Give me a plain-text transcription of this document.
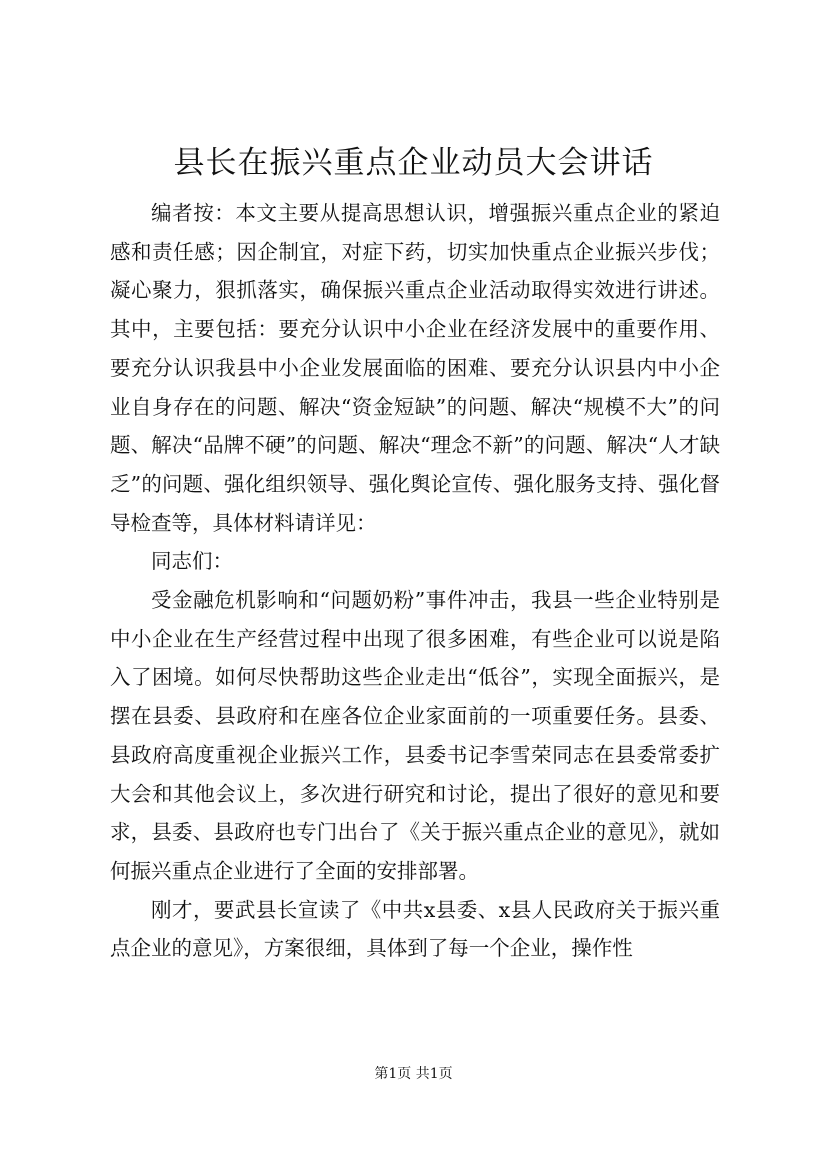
县长在振兴重点企业动员大会讲话

编者按：本文主要从提高思想认识，增强振兴重点企业的紧迫感和责任感；因企制宜，对症下药，切实加快重点企业振兴步伐；凝心聚力，狠抓落实，确保振兴重点企业活动取得实效进行讲述。其中，主要包括：要充分认识中小企业在经济发展中的重要作用、要充分认识我县中小企业发展面临的困难、要充分认识县内中小企业自身存在的问题、解决“资金短缺”的问题、解决“规模不大”的问题、解决“品牌不硬”的问题、解决“理念不新”的问题、解决“人才缺乏”的问题、强化组织领导、强化舆论宣传、强化服务支持、强化督导检查等，具体材料请详见：

同志们：

受金融危机影响和“问题奶粉”事件冲击，我县一些企业特别是中小企业在生产经营过程中出现了很多困难，有些企业可以说是陷入了困境。如何尽快帮助这些企业走出“低谷”，实现全面振兴，是摆在县委、县政府和在座各位企业家面前的一项重要任务。县委、县政府高度重视企业振兴工作，县委书记李雪荣同志在县委常委扩大会和其他会议上，多次进行研究和讨论，提出了很好的意见和要求，县委、县政府也专门出台了《关于振兴重点企业的意见》，就如何振兴重点企业进行了全面的安排部署。

刚才，要武县长宣读了《中共x县委、x县人民政府关于振兴重点企业的意见》，方案很细，具体到了每一个企业，操作性

第1页 共1页
